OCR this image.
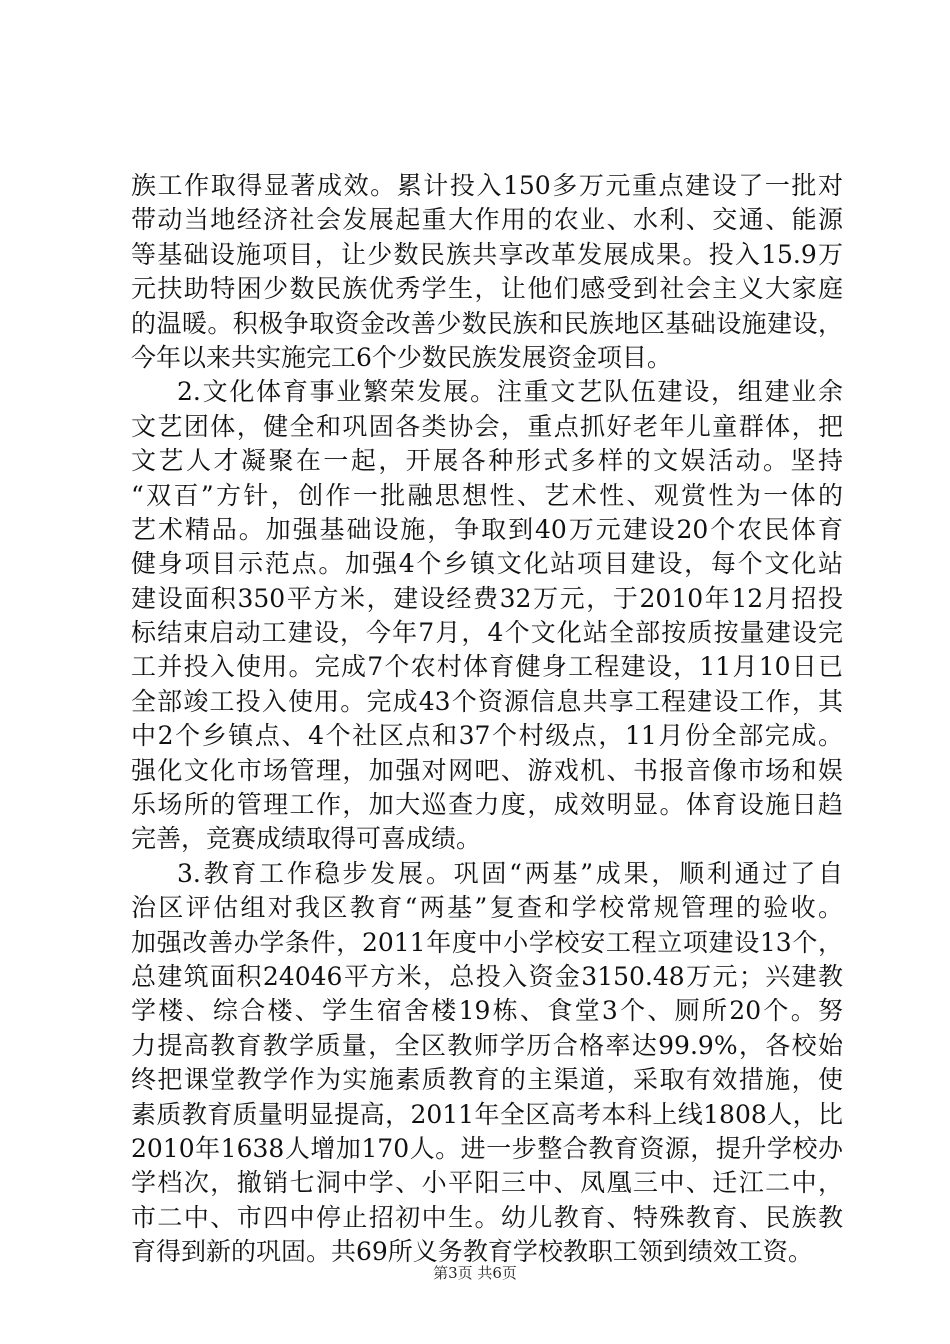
族工作取得显著成效。累计投入150多万元重点建设了一批对
带动当地经济社会发展起重大作用的农业、水利、交通、能源
等基础设施项目，让少数民族共享改革发展成果。投入15.9万
元扶助特困少数民族优秀学生，让他们感受到社会主义大家庭
的温暖。积极争取资金改善少数民族和民族地区基础设施建设，
今年以来共实施完工6个少数民族发展资金项目。
2.文化体育事业繁荣发展。注重文艺队伍建设，组建业余
文艺团体，健全和巩固各类协会，重点抓好老年儿童群体，把
文艺人才凝聚在一起，开展各种形式多样的文娱活动。坚持
“双百”方针，创作一批融思想性、艺术性、观赏性为一体的
艺术精品。加强基础设施，争取到40万元建设20个农民体育
健身项目示范点。加强4个乡镇文化站项目建设，每个文化站
建设面积350平方米，建设经费32万元，于2010年12月招投
标结束启动工建设，今年7月，4个文化站全部按质按量建设完
工并投入使用。完成7个农村体育健身工程建设，11月10日已
全部竣工投入使用。完成43个资源信息共享工程建设工作，其
中2个乡镇点、4个社区点和37个村级点，11月份全部完成。
强化文化市场管理，加强对网吧、游戏机、书报音像市场和娱
乐场所的管理工作，加大巡查力度，成效明显。体育设施日趋
完善，竞赛成绩取得可喜成绩。
3.教育工作稳步发展。巩固“两基”成果，顺利通过了自
治区评估组对我区教育“两基”复查和学校常规管理的验收。
加强改善办学条件，2011年度中小学校安工程立项建设13个，
总建筑面积24046平方米，总投入资金3150.48万元；兴建教
学楼、综合楼、学生宿舍楼19栋、食堂3个、厕所20个。努
力提高教育教学质量，全区教师学历合格率达99.9%，各校始
终把课堂教学作为实施素质教育的主渠道，采取有效措施，使
素质教育质量明显提高，2011年全区高考本科上线1808人，比
2010年1638人增加170人。进一步整合教育资源，提升学校办
学档次，撤销七洞中学、小平阳三中、凤凰三中、迁江二中，
市二中、市四中停止招初中生。幼儿教育、特殊教育、民族教
育得到新的巩固。共69所义务教育学校教职工领到绩效工资。
第3页 共6页
